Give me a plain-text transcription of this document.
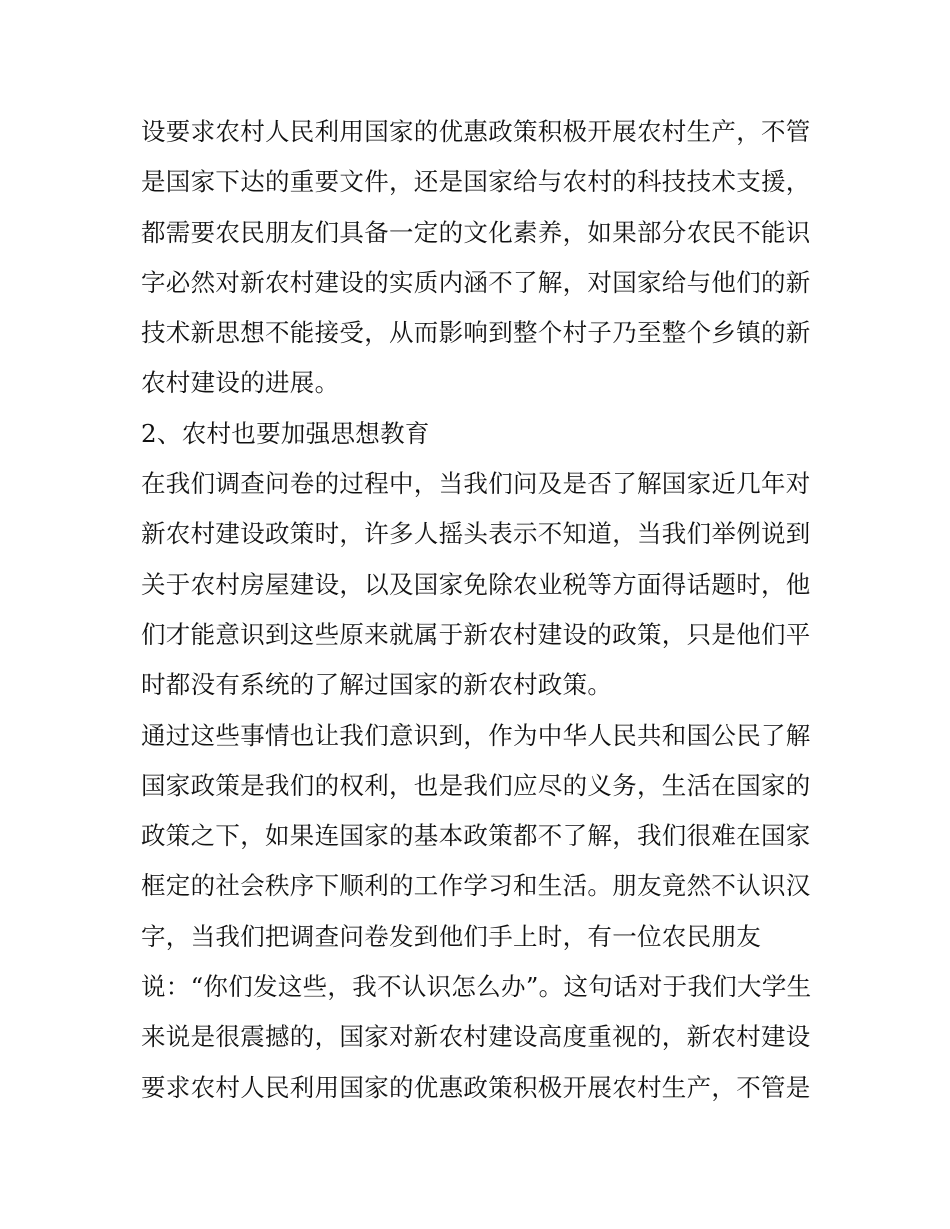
设要求农村人民利用国家的优惠政策积极开展农村生产，不管
是国家下达的重要文件，还是国家给与农村的科技技术支援，
都需要农民朋友们具备一定的文化素养，如果部分农民不能识
字必然对新农村建设的实质内涵不了解，对国家给与他们的新
技术新思想不能接受，从而影响到整个村子乃至整个乡镇的新
农村建设的进展。
2、农村也要加强思想教育
在我们调查问卷的过程中，当我们问及是否了解国家近几年对
新农村建设政策时，许多人摇头表示不知道，当我们举例说到
关于农村房屋建设，以及国家免除农业税等方面得话题时，他
们才能意识到这些原来就属于新农村建设的政策，只是他们平
时都没有系统的了解过国家的新农村政策。
通过这些事情也让我们意识到，作为中华人民共和国公民了解
国家政策是我们的权利，也是我们应尽的义务，生活在国家的
政策之下，如果连国家的基本政策都不了解，我们很难在国家
框定的社会秩序下顺利的工作学习和生活。朋友竟然不认识汉
字，当我们把调查问卷发到他们手上时，有一位农民朋友
说：“你们发这些，我不认识怎么办”。这句话对于我们大学生
来说是很震撼的，国家对新农村建设高度重视的，新农村建设
要求农村人民利用国家的优惠政策积极开展农村生产，不管是
